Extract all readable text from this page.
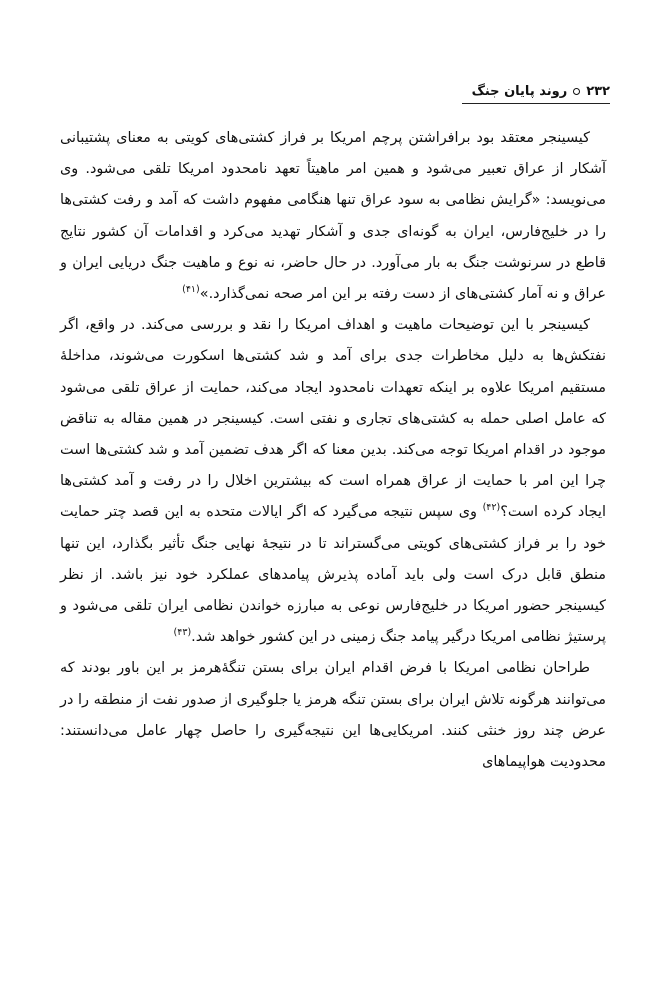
۲۳۲
روند پایان جنگ

کیسینجر معتقد بود برافراشتن پرچم امریکا بر فراز کشتی‌های کویتی به معنای پشتیبانی آشکار از عراق تعبیر می‌شود و همین امر ماهیتاً تعهد نامحدود امریکا تلقی می‌شود. وی می‌نویسد: «گرایش نظامی به سود عراق تنها هنگامی مفهوم داشت که آمد و رفت کشتی‌ها را در خلیج‌فارس، ایران به گونه‌ای جدی و آشکار تهدید می‌کرد و اقدامات آن کشور نتایج قاطع در سرنوشت جنگ به بار می‌آورد. در حال حاضر، نه نوع و ماهیت جنگ دریایی ایران و عراق و نه آمار کشتی‌های از دست رفته بر این امر صحه نمی‌گذارد.»$^{(۴۱)}$

کیسینجر با این توضیحات ماهیت و اهداف امریکا را نقد و بررسی می‌کند. در واقع، اگر نفتکش‌ها به دلیل مخاطرات جدی برای آمد و شد کشتی‌ها اسکورت می‌شوند، مداخلهٔ مستقیم امریکا علاوه بر اینکه تعهدات نامحدود ایجاد می‌کند، حمایت از عراق تلقی می‌شود که عامل اصلی حمله به کشتی‌های تجاری و نفتی است. کیسینجر در همین مقاله به تناقض موجود در اقدام امریکا توجه می‌کند. بدین معنا که اگر هدف تضمین آمد و شد کشتی‌ها است چرا این امر با حمایت از عراق همراه است که بیشترین اخلال را در رفت و آمد کشتی‌ها ایجاد کرده است؟$^{(۴۲)}$ وی سپس نتیجه می‌گیرد که اگر ایالات متحده به این قصد چتر حمایت خود را بر فراز کشتی‌های کویتی می‌گستراند تا در نتیجهٔ نهایی جنگ تأثیر بگذارد، این تنها منطق قابل درک است ولی باید آماده پذیرش پیامدهای عملکرد خود نیز باشد. از نظر کیسینجر حضور امریکا در خلیج‌فارس نوعی به مبارزه خواندن نظامی ایران تلقی می‌شود و پرستیژ نظامی امریکا درگیر پیامد جنگ زمینی در این کشور خواهد شد.$^{(۴۳)}$

طراحان نظامی امریکا با فرض اقدام ایران برای بستن تنگهٔ‌هرمز بر این باور بودند که می‌توانند هرگونه تلاش ایران برای بستن تنگه هرمز یا جلوگیری از صدور نفت از منطقه را در عرض چند روز خنثی کنند. امریکایی‌ها این نتیجه‌گیری را حاصل چهار عامل می‌دانستند: محدودیت هواپیماهای
